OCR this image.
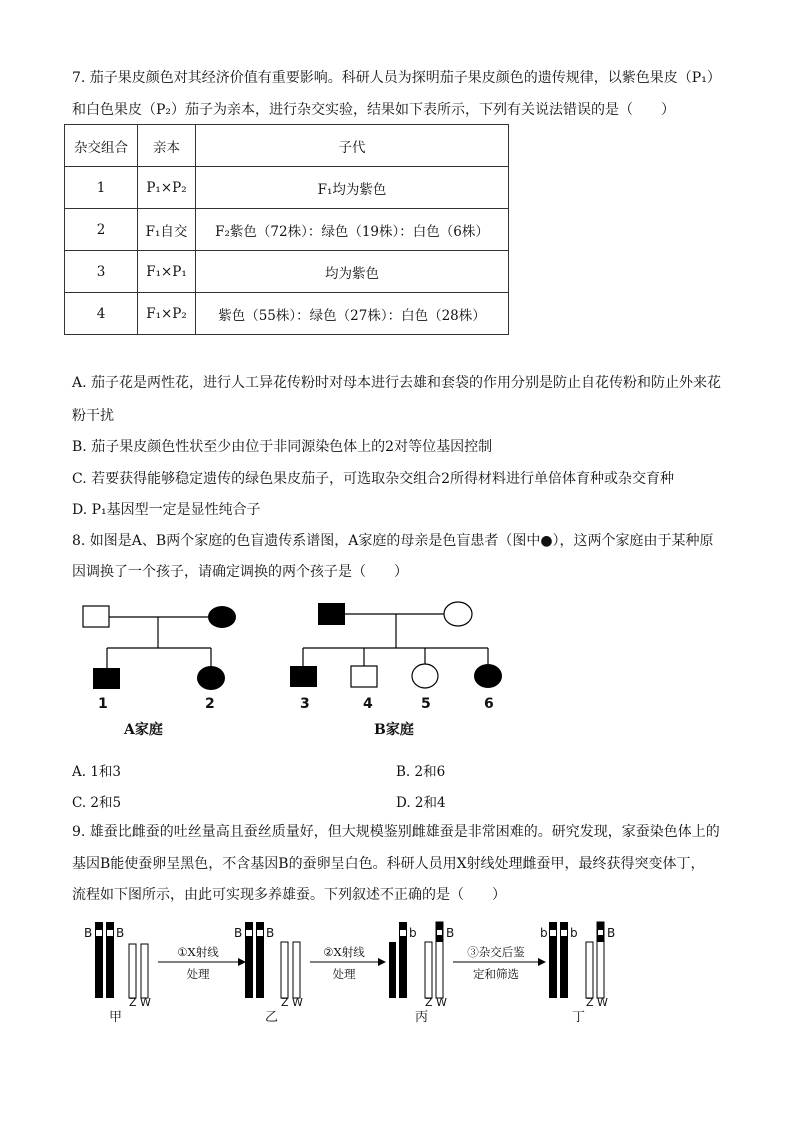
7. 茄子果皮颜色对其经济价值有重要影响。科研人员为探明茄子果皮颜色的遗传规律，以紫色果皮（P₁）
和白色果皮（P₂）茄子为亲本，进行杂交实验，结果如下表所示，下列有关说法错误的是（　　）
杂交组合	亲本	子代
1	P₁×P₂	F₁均为紫色
2	F₁自交	F₂紫色（72株）：绿色（19株）：白色（6株）
3	F₁×P₁	均为紫色
4	F₁×P₂	紫色（55株）：绿色（27株）：白色（28株）
A. 茄子花是两性花，进行人工异花传粉时对母本进行去雄和套袋的作用分别是防止自花传粉和防止外来花
粉干扰
B. 茄子果皮颜色性状至少由位于非同源染色体上的2对等位基因控制
C. 若要获得能够稳定遗传的绿色果皮茄子，可选取杂交组合2所得材料进行单倍体育种或杂交育种
D. P₁基因型一定是显性纯合子
8. 如图是A、B两个家庭的色盲遗传系谱图，A家庭的母亲是色盲患者（图中●），这两个家庭由于某种原
因调换了一个孩子，请确定调换的两个孩子是（　　）
1	2	3	4	5	6
A家庭	B家庭
A. 1和3	B. 2和6
C. 2和5	D. 2和4
9. 雄蚕比雌蚕的吐丝量高且蚕丝质量好，但大规模鉴别雌雄蚕是非常困难的。研究发现，家蚕染色体上的
基因B能使蚕卵呈黑色，不含基因B的蚕卵呈白色。科研人员用X射线处理雌蚕甲，最终获得突变体丁，
流程如下图所示，由此可实现多养雄蚕。下列叙述不正确的是（　　）
B B	B B	b B	b b B
Z W	Z W	Z W	Z W
①X射线
处理
②X射线
处理
③杂交后鉴
定和筛选
甲	乙	丙	丁
